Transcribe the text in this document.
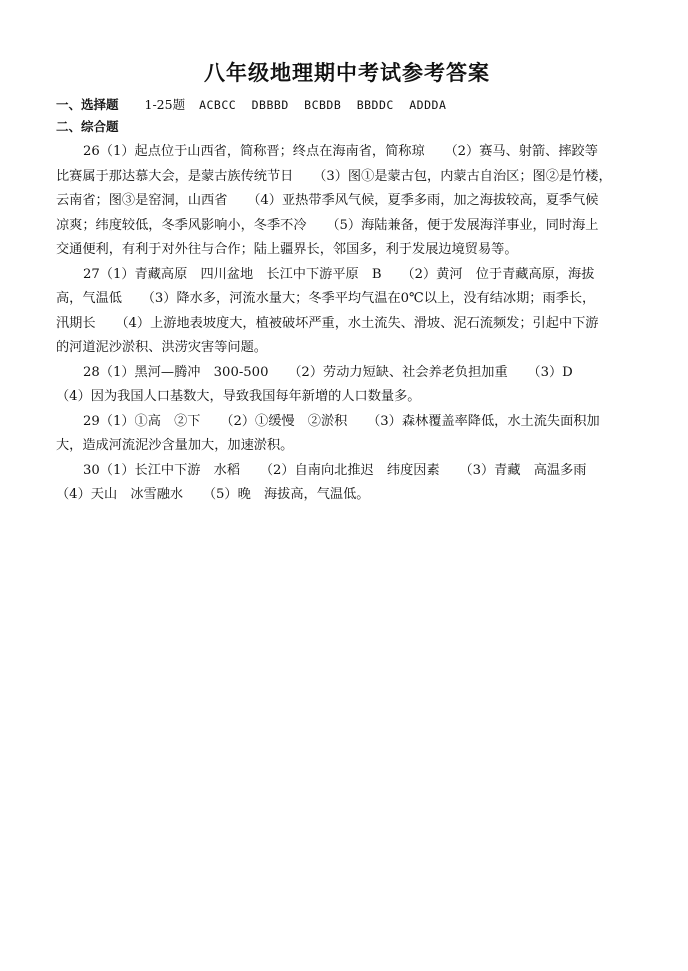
八年级地理期中考试参考答案
一、选择题 1-25题 ACBCC DBBBD BCBDB BBDDC ADDDA
二、综合题
26（1）起点位于山西省，简称晋；终点在海南省，简称琼　　（2）赛马、射箭、摔跤等
比赛属于那达慕大会，是蒙古族传统节日　　（3）图①是蒙古包，内蒙古自治区；图②是竹楼，
云南省；图③是窑洞，山西省　　（4）亚热带季风气候，夏季多雨，加之海拔较高，夏季气候
凉爽；纬度较低，冬季风影响小，冬季不冷　　（5）海陆兼备，便于发展海洋事业，同时海上
交通便利，有利于对外往与合作；陆上疆界长，邻国多，利于发展边境贸易等。
27（1）青藏高原　四川盆地　长江中下游平原　B　　（2）黄河　位于青藏高原，海拔
高，气温低　　（3）降水多，河流水量大；冬季平均气温在0℃以上，没有结冰期；雨季长，
汛期长　　（4）上游地表坡度大，植被破坏严重，水土流失、滑坡、泥石流频发；引起中下游
的河道泥沙淤积、洪涝灾害等问题。
28（1）黑河—腾冲　300-500　　（2）劳动力短缺、社会养老负担加重　　（3）D
（4）因为我国人口基数大，导致我国每年新增的人口数量多。
29（1）①高　②下　　（2）①缓慢　②淤积　　（3）森林覆盖率降低，水土流失面积加
大，造成河流泥沙含量加大，加速淤积。
30（1）长江中下游　水稻　　（2）自南向北推迟　纬度因素　　（3）青藏　高温多雨
（4）天山　冰雪融水　　（5）晚　海拔高，气温低。
